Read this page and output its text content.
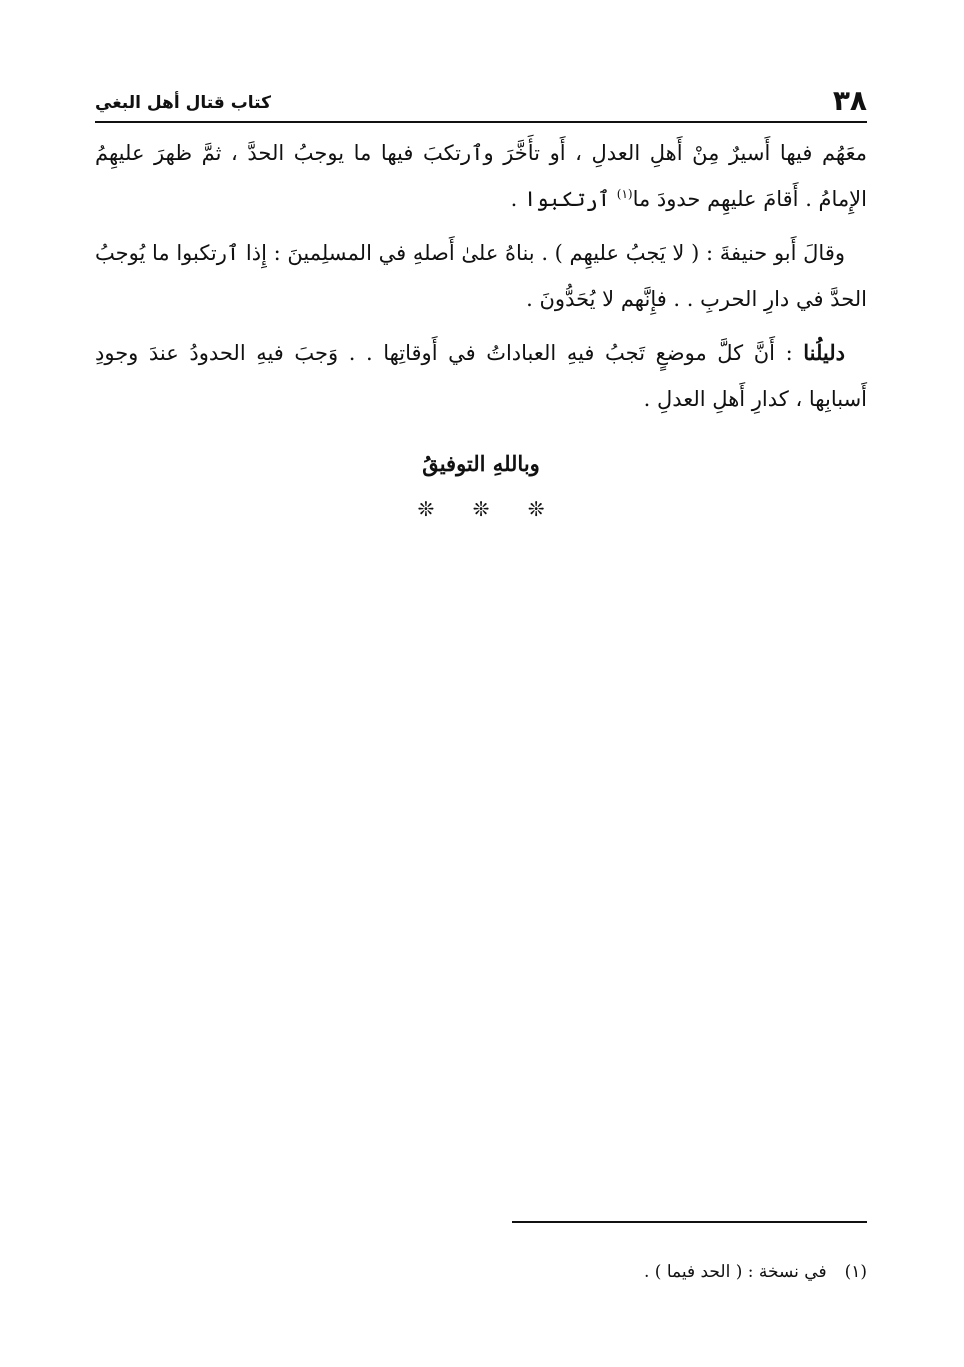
٣٨
كتاب قتال أهل البغي

معَهُم فيها أَسيرٌ مِنْ أَهلِ العدلِ ، أَو تأَخَّرَ وٱرتكبَ فيها ما يوجبُ الحدَّ ، ثمَّ ظهرَ عليهِمُ الإِمامُ . أَقامَ عليهِم حدودَ ما$^{(١)}$ ٱرتكبوا .

وقالَ أَبو حنيفةَ : ( لا يَجبُ عليهِم ) . بناهُ علىٰ أَصلهِ في المسلِمينَ : إِذا ٱرتكبوا ما يُوجبُ الحدَّ في دارِ الحربِ . . فإِنَّهم لا يُحَدُّونَ .

دليلُنا : أَنَّ كلَّ موضعٍ تَجبُ فيهِ العباداتُ في أَوقاتِها . . وَجبَ فيهِ الحدودُ عندَ وجودِ أَسبابِها ، كدارِ أَهلِ العدلِ .

وباللهِ التوفيقُ
❊ ❊ ❊
(١)في نسخة : ( الحد فيما ) .
